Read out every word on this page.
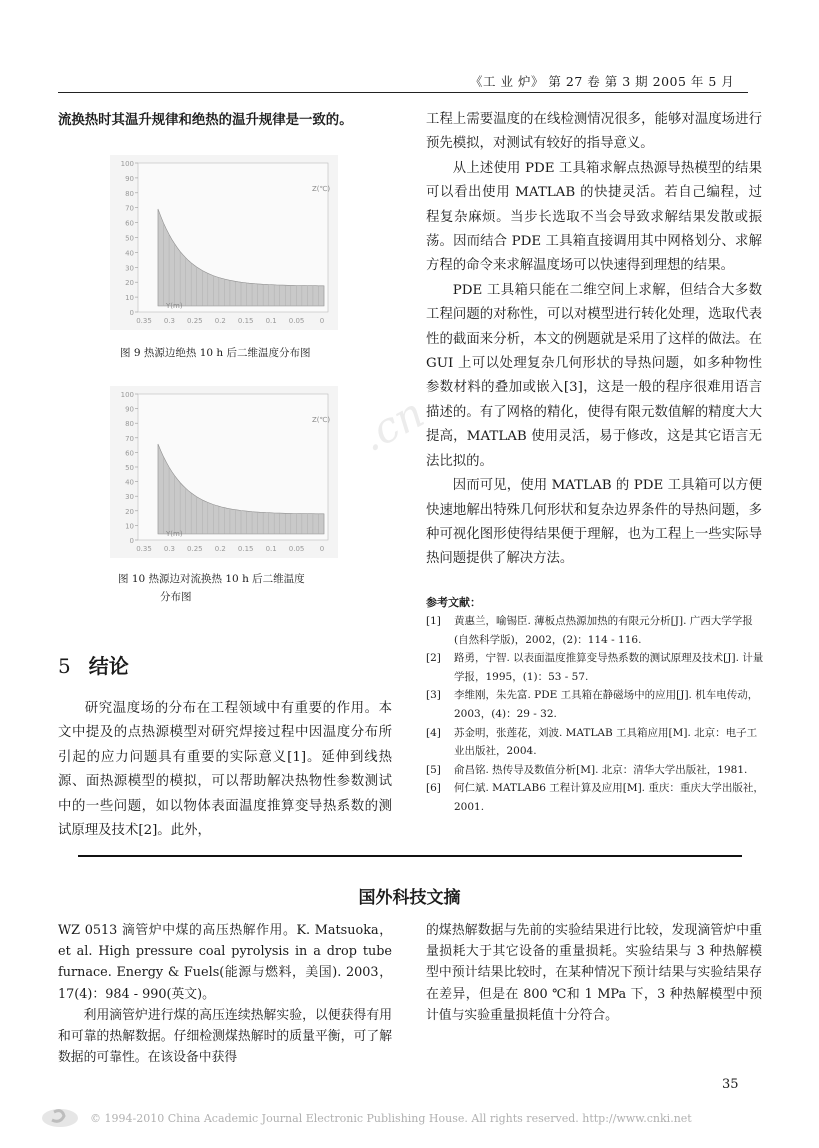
.cn
《工 业 炉》 第 27 卷 第 3 期 2005 年 5 月

流换热时其温升规律和绝热的温升规律是一致的。

100
90
80
70
60
50
40
30
20
10
0
0.35 0.3 0.25 0.2 0.15 0.1 0.05 0
Z(℃)
Y(m)
图 9 热源边绝热 10 h 后二维温度分布图
100
90
80
70
60
50
40
30
20
10
0
0.35 0.3 0.25 0.2 0.15 0.1 0.05 0
Z(℃)
Y(m)
图 10 热源边对流换热 10 h 后二维温度
分布图
5 结论

研究温度场的分布在工程领域中有重要的作用。本文中提及的点热源模型对研究焊接过程中因温度分布所引起的应力问题具有重要的实际意义[1]。延伸到线热源、面热源模型的模拟，可以帮助解决热物性参数测试中的一些问题，如以物体表面温度推算变导热系数的测试原理及技术[2]。此外，

工程上需要温度的在线检测情况很多，能够对温度场进行预先模拟，对测试有较好的指导意义。

从上述使用 PDE 工具箱求解点热源导热模型的结果可以看出使用 MATLAB 的快捷灵活。若自己编程，过程复杂麻烦。当步长选取不当会导致求解结果发散或振荡。因而结合 PDE 工具箱直接调用其中网格划分、求解方程的命令来求解温度场可以快速得到理想的结果。

PDE 工具箱只能在二维空间上求解，但结合大多数工程问题的对称性，可以对模型进行转化处理，选取代表性的截面来分析，本文的例题就是采用了这样的做法。在 GUI 上可以处理复杂几何形状的导热问题，如多种物性参数材料的叠加或嵌入[3]，这是一般的程序很难用语言描述的。有了网格的精化，使得有限元数值解的精度大大提高，MATLAB 使用灵活，易于修改，这是其它语言无法比拟的。

因而可见，使用 MATLAB 的 PDE 工具箱可以方便快速地解出特殊几何形状和复杂边界条件的导热问题，多种可视化图形使得结果便于理解，也为工程上一些实际导热问题提供了解决方法。

参考文献：
[1]	黄惠兰，喻锡臣. 薄板点热源加热的有限元分析[J]. 广西大学学报(自然科学版)，2002，(2)：114 - 116.
[2]	路勇，宁智. 以表面温度推算变导热系数的测试原理及技术[J]. 计量学报，1995，(1)：53 - 57.
[3]	李维刚，朱先富. PDE 工具箱在静磁场中的应用[J]. 机车电传动，2003，(4)：29 - 32.
[4]	苏金明，张莲花，刘波. MATLAB 工具箱应用[M]. 北京：电子工业出版社，2004.
[5]	俞昌铭. 热传导及数值分析[M]. 北京：清华大学出版社，1981.
[6]	何仁斌. MATLAB6 工程计算及应用[M]. 重庆：重庆大学出版社，2001.
国外科技文摘

WZ 0513 滴管炉中煤的高压热解作用。K. Matsuoka，et al. High pressure coal pyrolysis in a drop tube furnace. Energy & Fuels(能源与燃料，美国). 2003，17(4)：984 - 990(英文)。

利用滴管炉进行煤的高压连续热解实验，以便获得有用和可靠的热解数据。仔细检测煤热解时的质量平衡，可了解数据的可靠性。在该设备中获得

的煤热解数据与先前的实验结果进行比较，发现滴管炉中重量损耗大于其它设备的重量损耗。实验结果与 3 种热解模型中预计结果比较时，在某种情况下预计结果与实验结果存在差异，但是在 800 ℃和 1 MPa 下，3 种热解模型中预计值与实验重量损耗值十分符合。

35
© 1994-2010 China Academic Journal Electronic Publishing House. All rights reserved. http://www.cnki.net
